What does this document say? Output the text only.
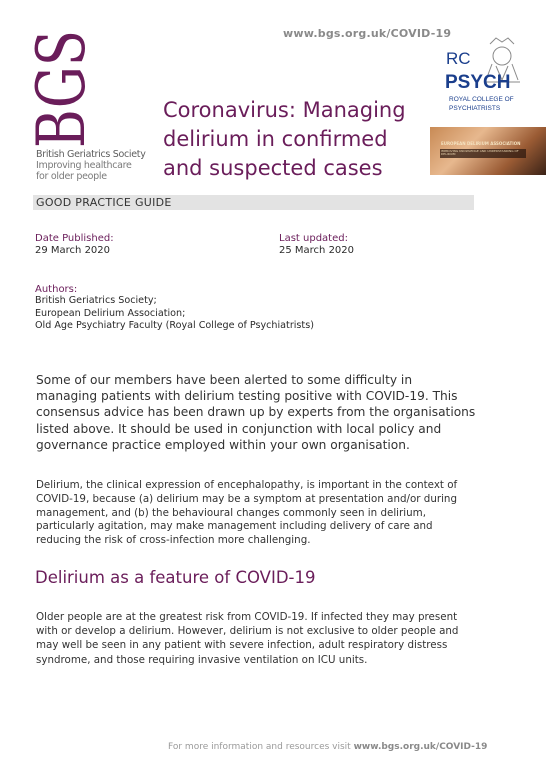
www.bgs.org.uk/COVID-19
BGS
British Geriatrics Society
Improving healthcare
for older people
Coronavirus: Managing delirium in confirmed and suspected cases
RC
PSYCH
ROYAL COLLEGE OF
PSYCHIATRISTS
EUROPEAN DELIRIUM ASSOCIATION
IMPROVING KNOWLEDGE AND UNDERSTANDING OF DELIRIUM
GOOD PRACTICE GUIDE
Date Published:
29 March 2020
Last updated:
25 March 2020
Authors:
British Geriatrics Society;
European Delirium Association;
Old Age Psychiatry Faculty (Royal College of Psychiatrists)

Some of our members have been alerted to some difficulty in managing patients with delirium testing positive with COVID-19. This consensus advice has been drawn up by experts from the organisations listed above. It should be used in conjunction with local policy and governance practice employed within your own organisation.

Delirium, the clinical expression of encephalopathy, is important in the context of COVID-19, because (a) delirium may be a symptom at presentation and/or during management, and (b) the behavioural changes commonly seen in delirium, particularly agitation, may make management including delivery of care and reducing the risk of cross-infection more challenging.

Delirium as a feature of COVID-19

Older people are at the greatest risk from COVID-19. If infected they may present with or develop a delirium. However, delirium is not exclusive to older people and may well be seen in any patient with severe infection, adult respiratory distress syndrome, and those requiring invasive ventilation on ICU units.

For more information and resources visit www.bgs.org.uk/COVID-19
